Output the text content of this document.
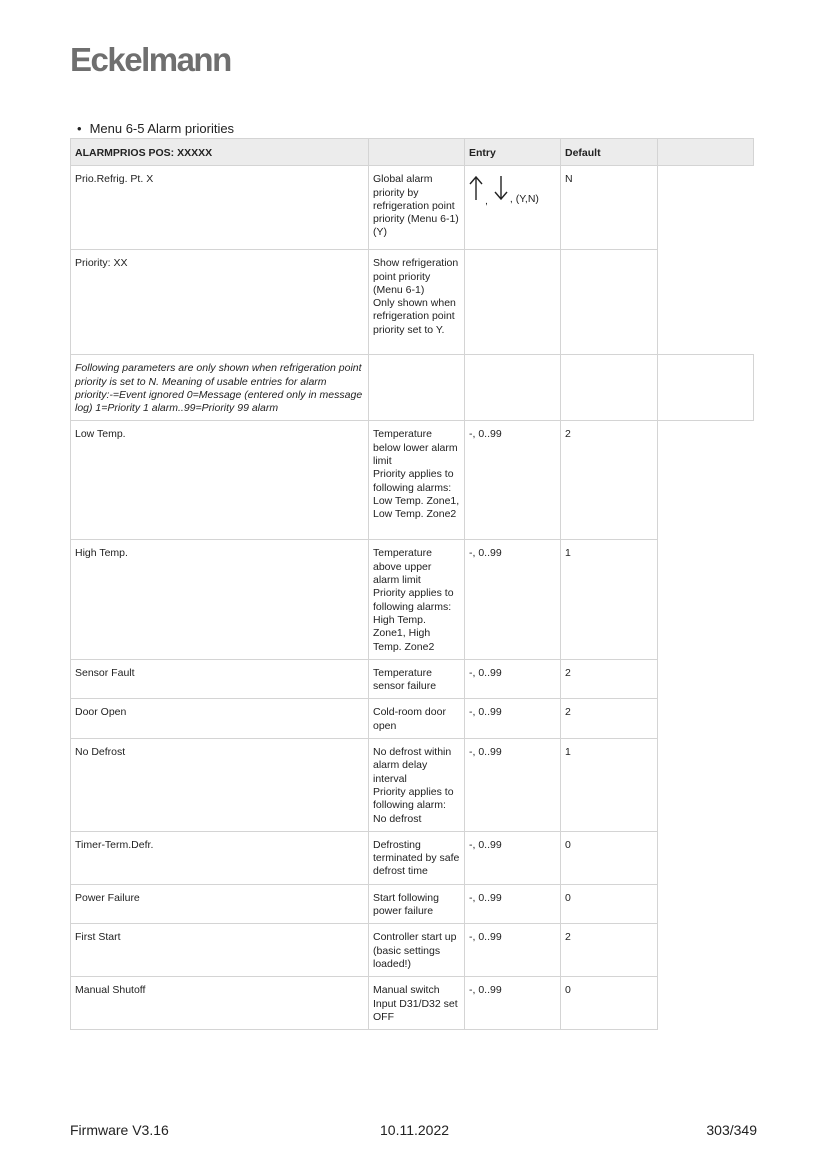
Eckelmann
• Menu 6-5 Alarm priorities
ALARMPRIOS POS: XXXXX		Entry	Default	
Prio.Refrig. Pt. X	Global alarm priority by refrigeration point priority (Menu 6-1) (Y)	, , (Y,N)	N	
Priority: XX	Show refrigeration point priority (Menu 6-1)
Only shown when refrigeration point priority set to Y.			

Following parameters are only shown when refrigeration point priority is set to N. Meaning of usable entries for alarm priority:-=Event ignored 0=Message (entered only in message log) 1=Priority 1 alarm..99=Priority 99 alarm				
Low Temp.	Temperature below lower alarm limit
Priority applies to following alarms: Low Temp. Zone1, Low Temp. Zone2	-, 0..99	2	
High Temp.	Temperature above upper alarm limit
Priority applies to following alarms: High Temp. Zone1, High Temp. Zone2	-, 0..99	1	
Sensor Fault	Temperature sensor failure	-, 0..99	2	
Door Open	Cold-room door open	-, 0..99	2	
No Defrost	No defrost within alarm delay interval
Priority applies to following alarm: No defrost	-, 0..99	1	
Timer-Term.Defr.	Defrosting terminated by safe defrost time	-, 0..99	0	
Power Failure	Start following power failure	-, 0..99	0	
First Start	Controller start up (basic settings loaded!)	-, 0..99	2	
Manual Shutoff	Manual switch Input D31/D32 set OFF	-, 0..99	0	
Firmware V3.16	10.11.2022	303/349
